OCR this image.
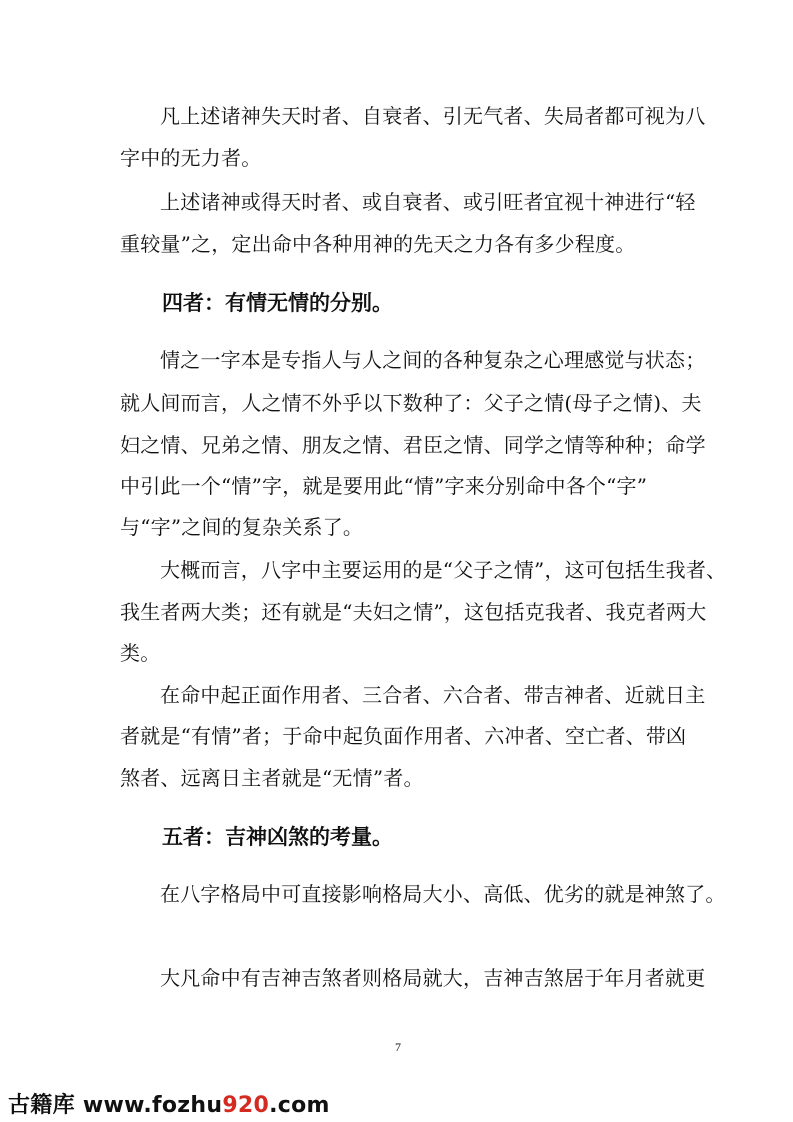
凡上述诸神失天时者、自衰者、引无气者、失局者都可视为八
字中的无力者。
上述诸神或得天时者、或自衰者、或引旺者宜视十神进行“轻
重较量”之，定出命中各种用神的先天之力各有多少程度。
四者：有情无情的分别。
情之一字本是专指人与人之间的各种复杂之心理感觉与状态；
就人间而言，人之情不外乎以下数种了：父子之情(母子之情)、夫
妇之情、兄弟之情、朋友之情、君臣之情、同学之情等种种；命学
中引此一个“情”字，就是要用此“情”字来分别命中各个“字”
与“字”之间的复杂关系了。
大概而言，八字中主要运用的是“父子之情”，这可包括生我者、
我生者两大类；还有就是“夫妇之情”，这包括克我者、我克者两大
类。
在命中起正面作用者、三合者、六合者、带吉神者、近就日主
者就是“有情”者；于命中起负面作用者、六冲者、空亡者、带凶
煞者、远离日主者就是“无情”者。
五者：吉神凶煞的考量。
在八字格局中可直接影响格局大小、高低、优劣的就是神煞了。
大凡命中有吉神吉煞者则格局就大，吉神吉煞居于年月者就更
7
古籍库 www.fozhu920.com
